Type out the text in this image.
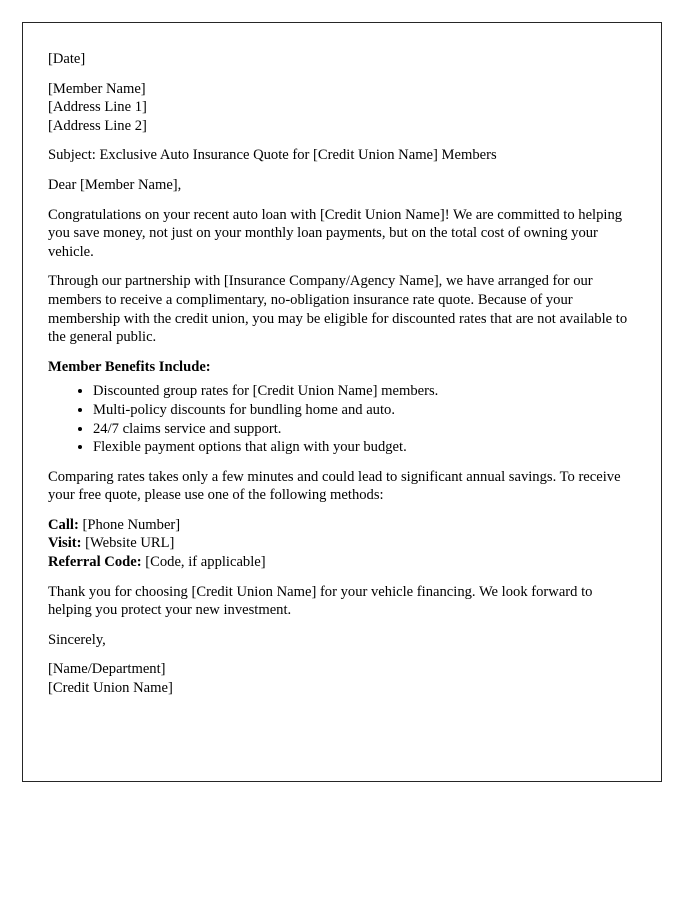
[Date]
[Member Name]
[Address Line 1]
[Address Line 2]
Subject: Exclusive Auto Insurance Quote for [Credit Union Name] Members
Dear [Member Name],
Congratulations on your recent auto loan with [Credit Union Name]! We are committed to helping you save money, not just on your monthly loan payments, but on the total cost of owning your vehicle.
Through our partnership with [Insurance Company/Agency Name], we have arranged for our members to receive a complimentary, no-obligation insurance rate quote. Because of your membership with the credit union, you may be eligible for discounted rates that are not available to the general public.
Member Benefits Include:
• Discounted group rates for [Credit Union Name] members.
• Multi-policy discounts for bundling home and auto.
• 24/7 claims service and support.
• Flexible payment options that align with your budget.
Comparing rates takes only a few minutes and could lead to significant annual savings. To receive your free quote, please use one of the following methods:
Call: [Phone Number]
Visit: [Website URL]
Referral Code: [Code, if applicable]
Thank you for choosing [Credit Union Name] for your vehicle financing. We look forward to helping you protect your new investment.
Sincerely,
[Name/Department]
[Credit Union Name]
